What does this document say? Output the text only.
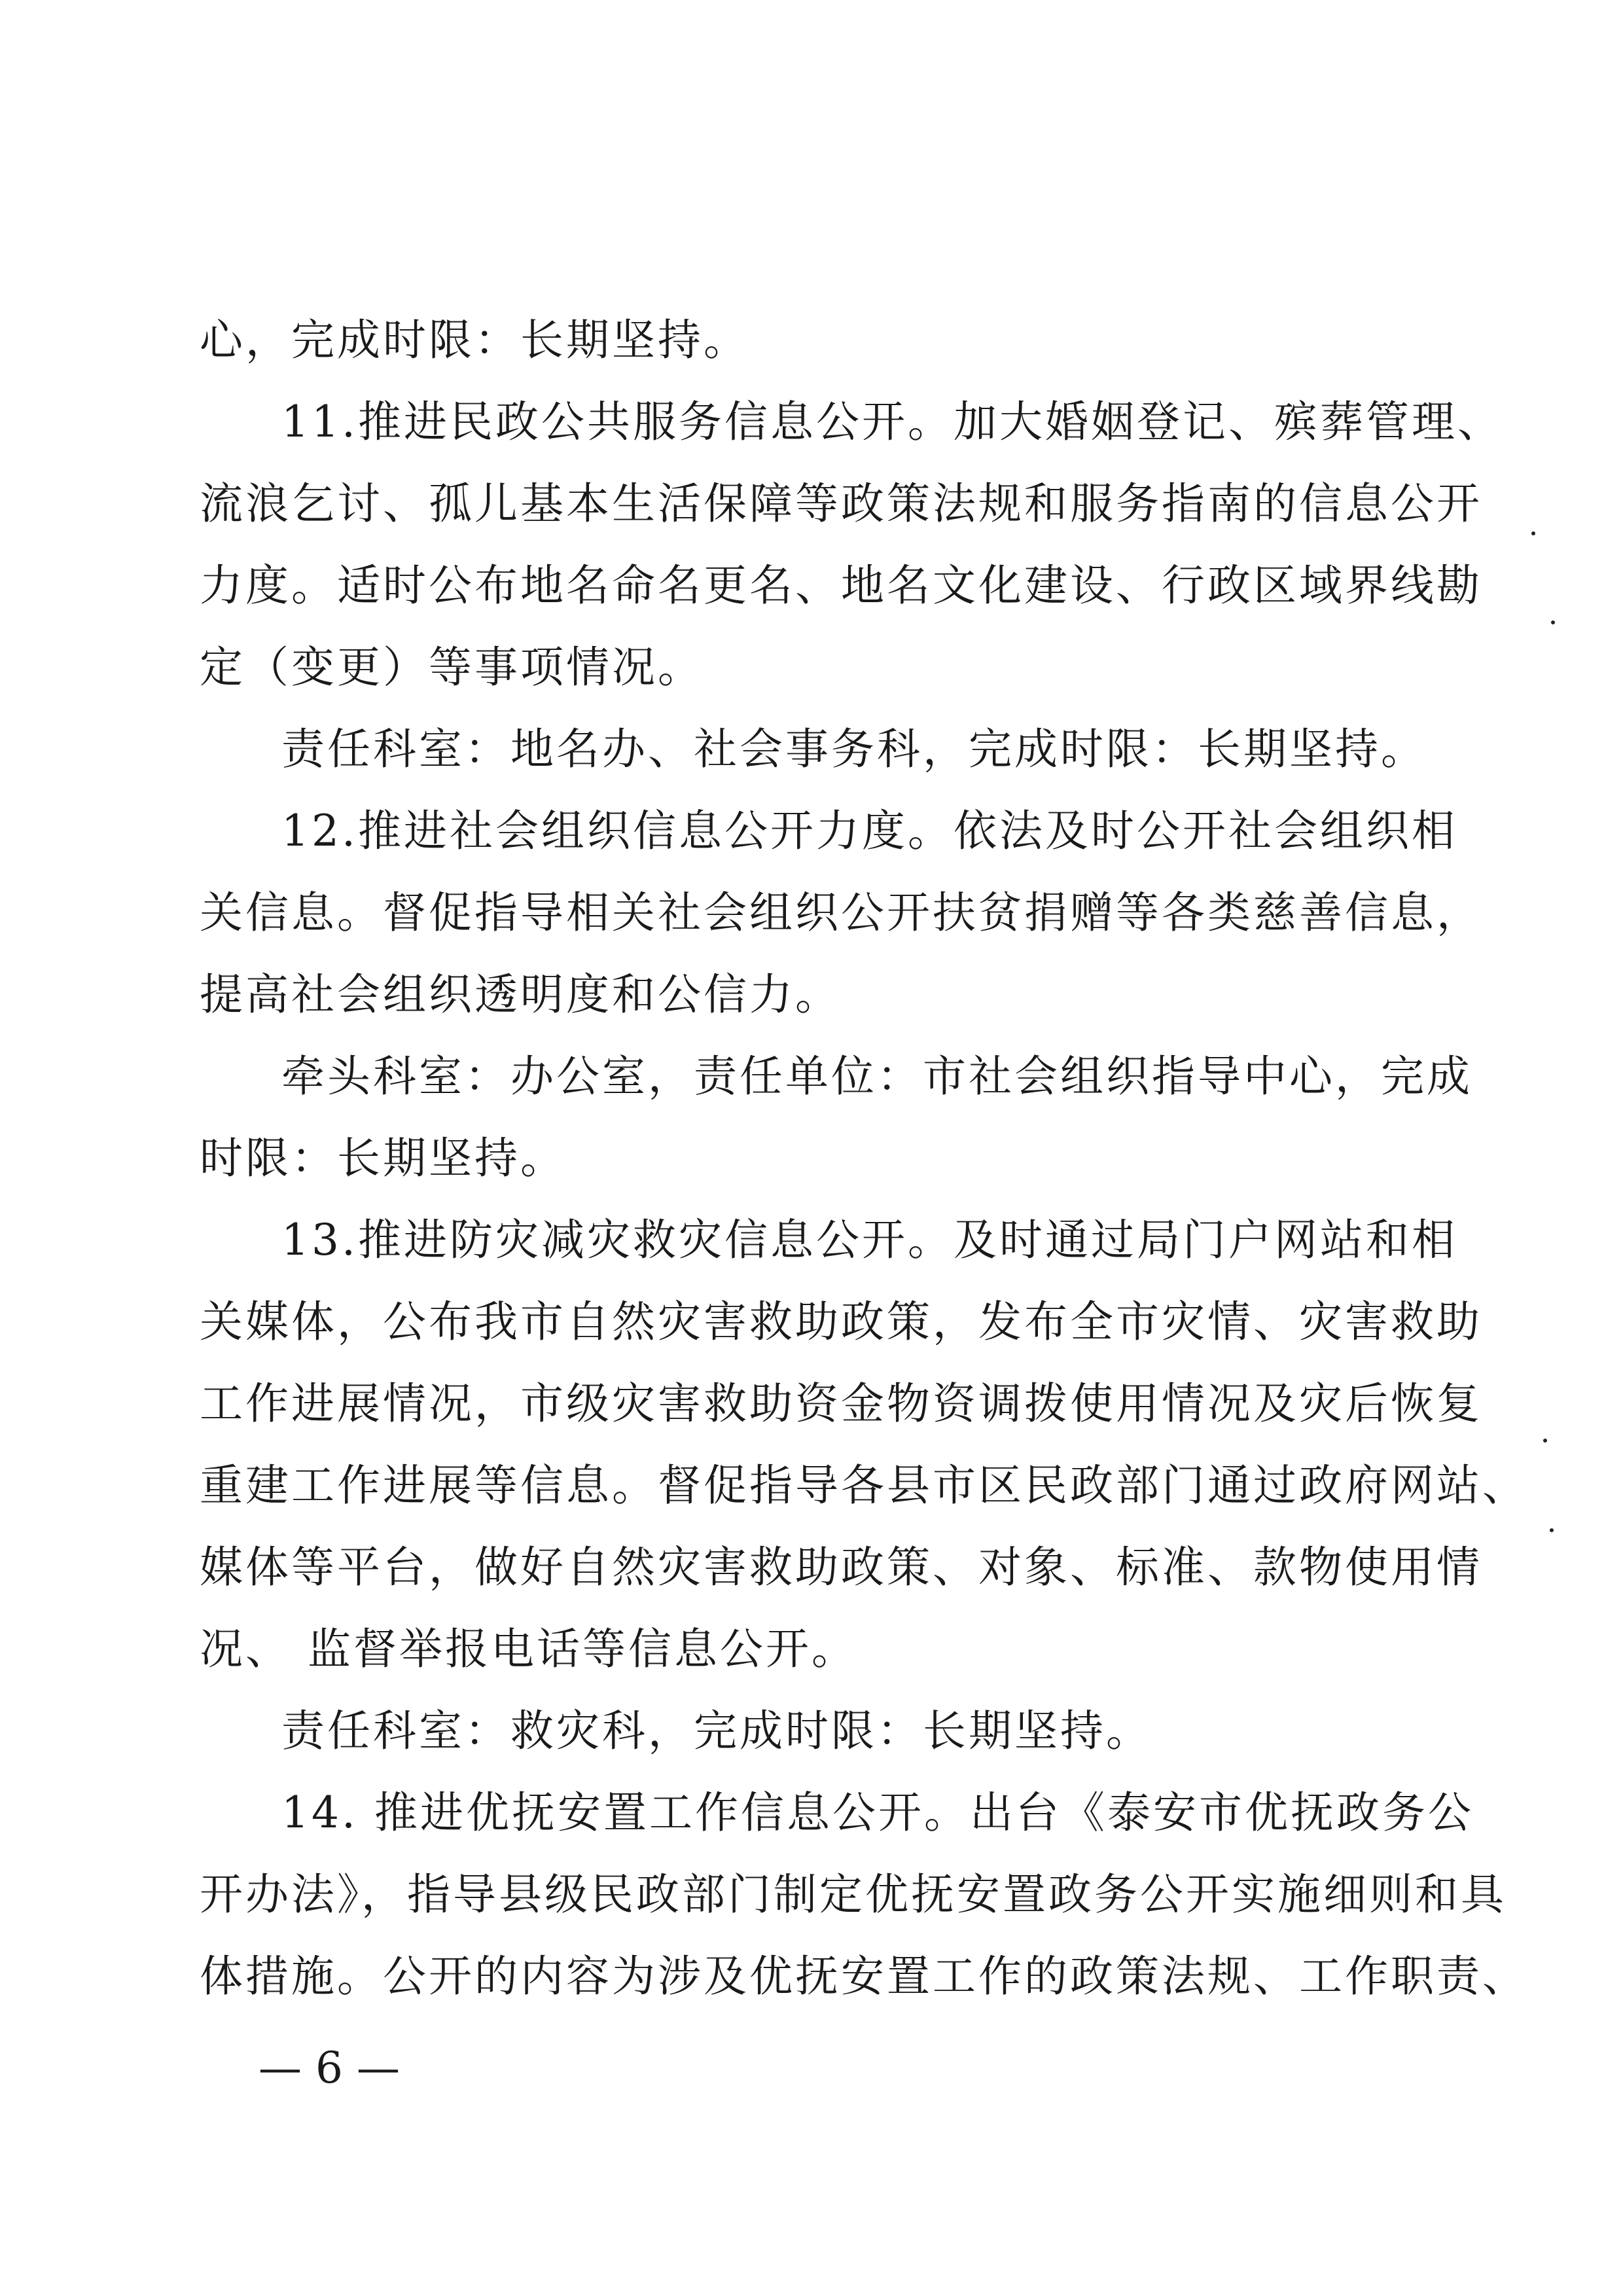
心，完成时限：长期坚持。

11.推进民政公共服务信息公开。加大婚姻登记、殡葬管理、

流浪乞讨、孤儿基本生活保障等政策法规和服务指南的信息公开

力度。适时公布地名命名更名、地名文化建设、行政区域界线勘

定（变更）等事项情况。

责任科室：地名办、社会事务科，完成时限：长期坚持。

12.推进社会组织信息公开力度。依法及时公开社会组织相

关信息。督促指导相关社会组织公开扶贫捐赠等各类慈善信息，

提高社会组织透明度和公信力。

牵头科室：办公室，责任单位：市社会组织指导中心，完成

时限：长期坚持。

13.推进防灾减灾救灾信息公开。及时通过局门户网站和相

关媒体，公布我市自然灾害救助政策，发布全市灾情、灾害救助

工作进展情况，市级灾害救助资金物资调拨使用情况及灾后恢复

重建工作进展等信息。督促指导各县市区民政部门通过政府网站、

媒体等平台，做好自然灾害救助政策、对象、标准、款物使用情

况、 监督举报电话等信息公开。

责任科室：救灾科，完成时限：长期坚持。

14. 推进优抚安置工作信息公开。出台《泰安市优抚政务公

开办法》，指导县级民政部门制定优抚安置政务公开实施细则和具

体措施。公开的内容为涉及优抚安置工作的政策法规、工作职责、

— 6 —
